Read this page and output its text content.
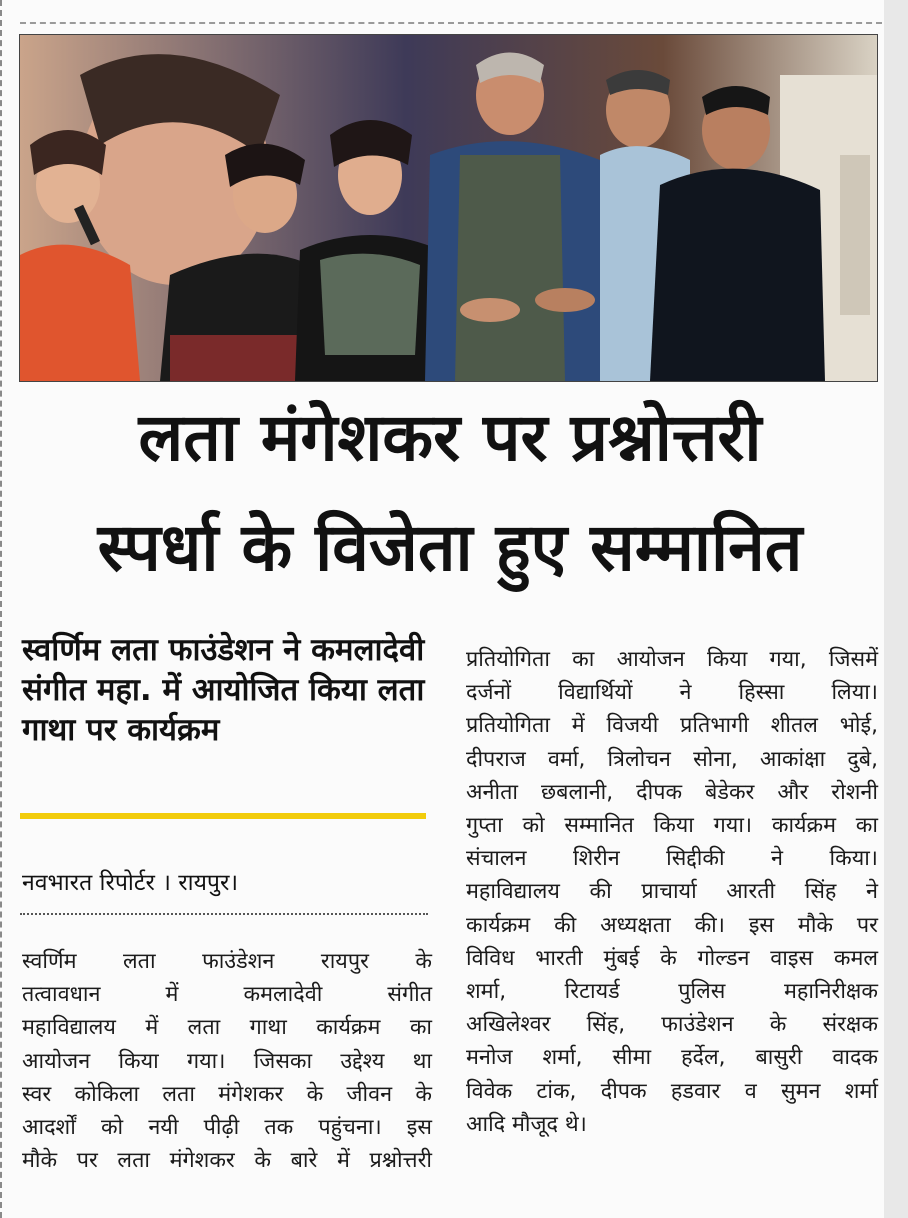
लता मंगेशकर पर प्रश्नोत्तरी
स्पर्धा के विजेता हुए सम्मानित
स्वर्णिम लता फाउंडेशन ने कमलादेवी संगीत महा. में आयोजित किया लता गाथा पर कार्यक्रम
नवभारत रिपोर्टर । रायपुर।

स्वर्णिम लता फाउंडेशन रायपुर के

तत्वावधान में कमलादेवी संगीत

महाविद्यालय में लता गाथा कार्यक्रम का

आयोजन किया गया। जिसका उद्देश्य था

स्वर कोकिला लता मंगेशकर के जीवन के

आदर्शों को नयी पीढ़ी तक पहुंचना। इस

मौके पर लता मंगेशकर के बारे में प्रश्नोत्तरी

प्रतियोगिता का आयोजन किया गया, जिसमें

दर्जनों विद्यार्थियों ने हिस्सा लिया।

प्रतियोगिता में विजयी प्रतिभागी शीतल भोई,

दीपराज वर्मा, त्रिलोचन सोना, आकांक्षा दुबे,

अनीता छबलानी, दीपक बेडेकर और रोशनी

गुप्ता को सम्मानित किया गया। कार्यक्रम का

संचालन शिरीन सिद्दीकी ने किया।

महाविद्यालय की प्राचार्या आरती सिंह ने

कार्यक्रम की अध्यक्षता की। इस मौके पर

विविध भारती मुंबई के गोल्डन वाइस कमल

शर्मा, रिटायर्ड पुलिस महानिरीक्षक

अखिलेश्वर सिंह, फाउंडेशन के संरक्षक

मनोज शर्मा, सीमा हर्देल, बासुरी वादक

विवेक टांक, दीपक हडवार व सुमन शर्मा

आदि मौजूद थे।
